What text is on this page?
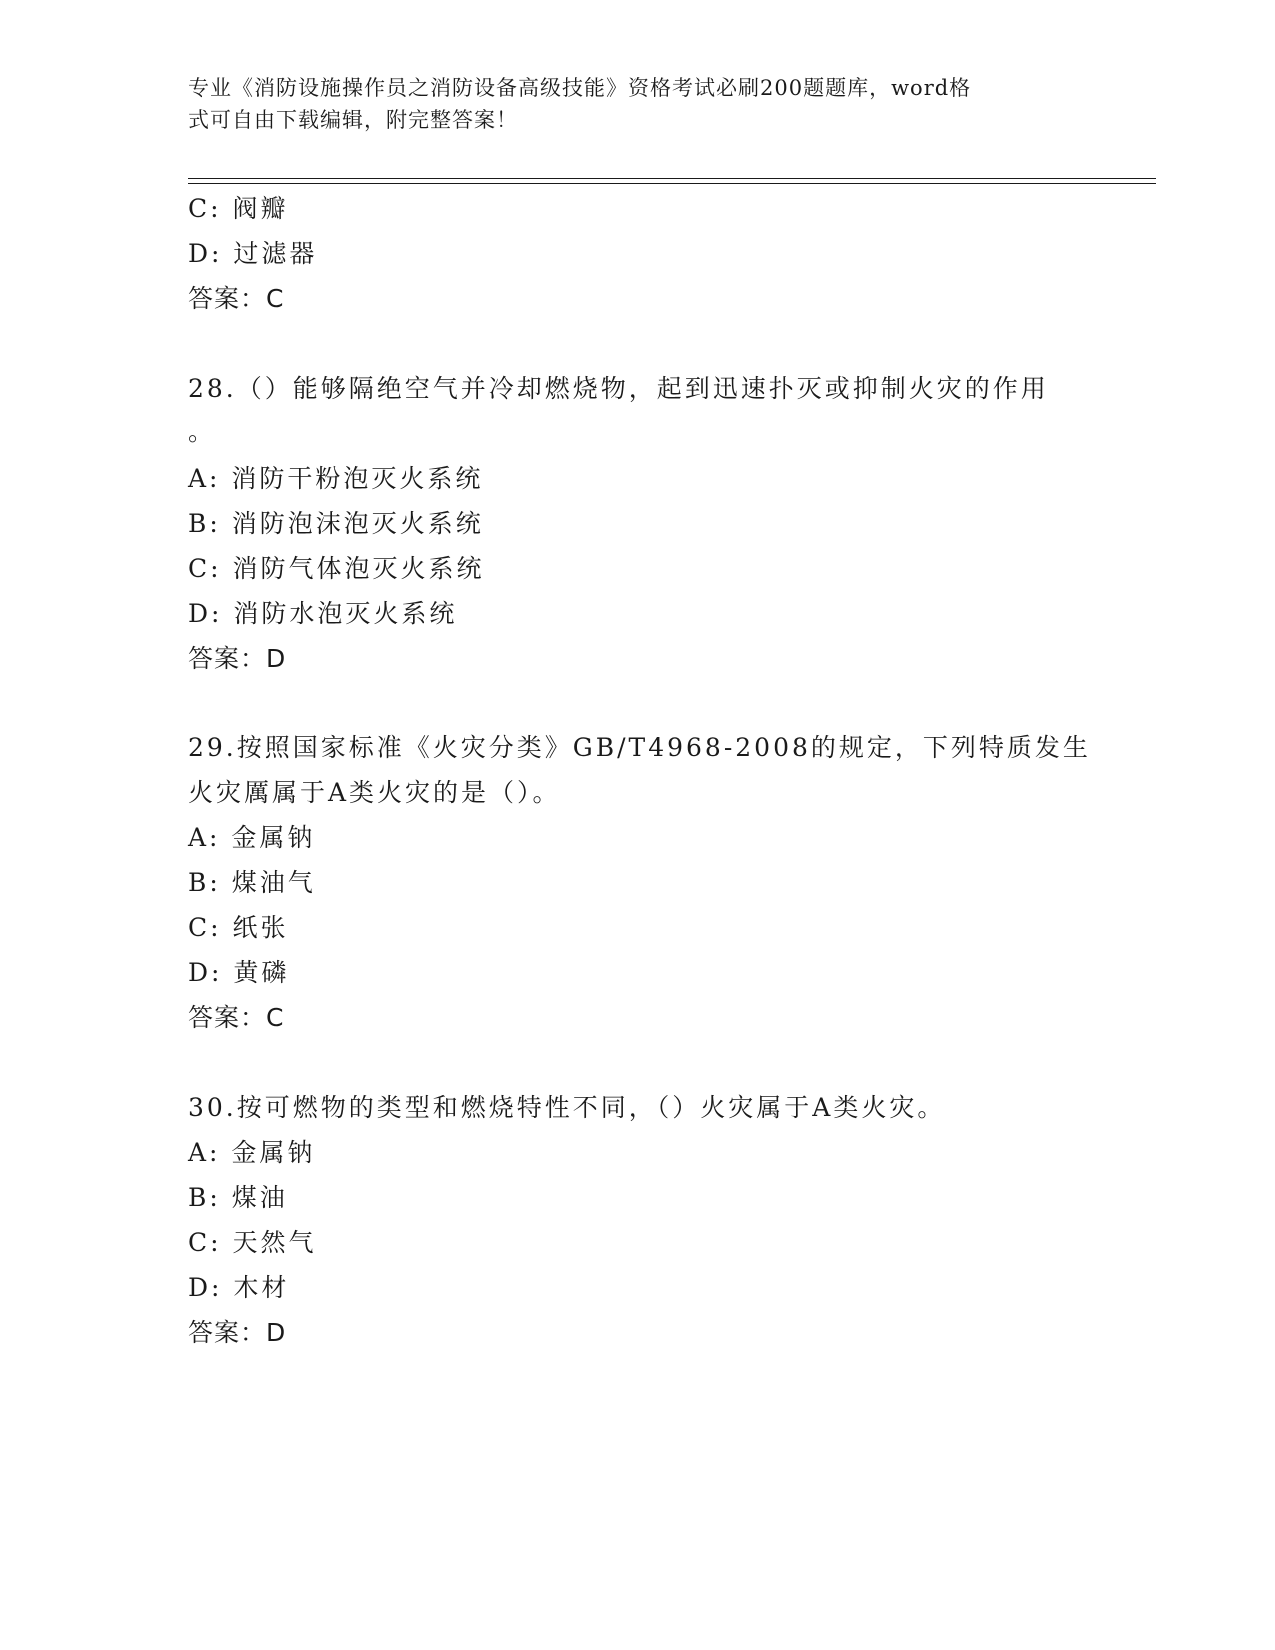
专业《消防设施操作员之消防设备高级技能》资格考试必刷200题题库，word格
式可自由下载编辑，附完整答案！
C: 阀瓣
D: 过滤器
答案：C
28.（）能够隔绝空气并冷却燃烧物，起到迅速扑灭或抑制火灾的作用
。
A: 消防干粉泡灭火系统
B: 消防泡沫泡灭火系统
C: 消防气体泡灭火系统
D: 消防水泡灭火系统
答案：D
29.按照国家标准《火灾分类》GB/T4968-2008的规定，下列特质发生
火灾厲属于A类火灾的是（）。
A: 金属钠
B: 煤油气
C: 纸张
D: 黄磷
答案：C
30.按可燃物的类型和燃烧特性不同，（）火灾属于A类火灾。
A: 金属钠
B: 煤油
C: 天然气
D: 木材
答案：D
